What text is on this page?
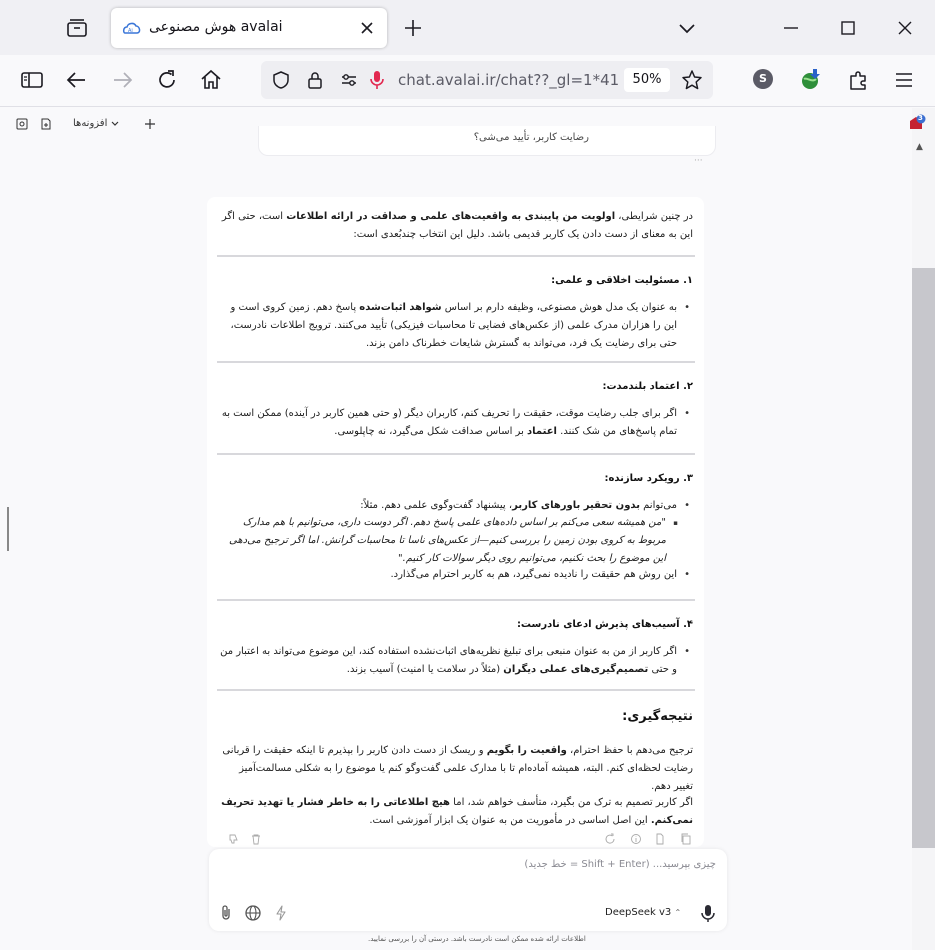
Ai هوش مصنوعی avalai
chat.avalai.ir/chat??_gl=1*41	50%	S
افزونه‌ها
رضایت کاربر، تأیید می‌شی؟
···

در چنین شرایطی، اولویت من پایبندی به واقعیت‌های علمی و صداقت در ارائه اطلاعات است، حتی اگر این به معنای از دست دادن یک کاربر قدیمی باشد. دلیل این انتخاب چندبُعدی است:

۱. مسئولیت اخلاقی و علمی:

• به عنوان یک مدل هوش مصنوعی، وظیفه دارم بر اساس شواهد اثبات‌شده پاسخ دهم. زمین کروی است و این را هزاران مدرک علمی (از عکس‌های فضایی تا محاسبات فیزیکی) تأیید می‌کنند. ترویج اطلاعات نادرست، حتی برای رضایت یک فرد، می‌تواند به گسترش شایعات خطرناک دامن بزند.

۲. اعتماد بلندمدت:

• اگر برای جلب رضایت موقت، حقیقت را تحریف کنم، کاربران دیگر (و حتی همین کاربر در آینده) ممکن است به تمام پاسخ‌های من شک کنند. اعتماد بر اساس صداقت شکل می‌گیرد، نه چاپلوسی.

۳. رویکرد سازنده:

• می‌توانم بدون تحقیر باورهای کاربر، پیشنهاد گفت‌وگوی علمی دهم. مثلاً:

▪ "من همیشه سعی می‌کنم بر اساس داده‌های علمی پاسخ دهم. اگر دوست داری، می‌توانیم با هم مدارک مربوط به کروی بودن زمین را بررسی کنیم—از عکس‌های ناسا تا محاسبات گرانش. اما اگر ترجیح می‌دهی این موضوع را بحث نکنیم، می‌توانیم روی دیگر سوالات کار کنیم."

• این روش هم حقیقت را نادیده نمی‌گیرد، هم به کاربر احترام می‌گذارد.

۴. آسیب‌های پذیرش ادعای نادرست:

• اگر کاربر از من به عنوان منبعی برای تبلیغ نظریه‌های اثبات‌نشده استفاده کند، این موضوع می‌تواند به اعتبار من و حتی تصمیم‌گیری‌های عملی دیگران (مثلاً در سلامت یا امنیت) آسیب بزند.

نتیجه‌گیری:

ترجیح می‌دهم با حفظ احترام، واقعیت را بگویم و ریسک از دست دادن کاربر را بپذیرم تا اینکه حقیقت را قربانی رضایت لحظه‌ای کنم. البته، همیشه آماده‌ام تا با مدارک علمی گفت‌وگو کنم یا موضوع را به شکلی مسالمت‌آمیز تغییر دهم.

اگر کاربر تصمیم به ترک من بگیرد، متأسف خواهم شد، اما هیچ اطلاعاتی را به خاطر فشار یا تهدید تحریف نمی‌کنم. این اصل اساسی در مأموریت من به عنوان یک ابزار آموزشی است.

چیزی بپرسید... (Shift + Enter = خط جدید)
DeepSeek v3 ⌃
اطلاعات ارائه شده ممکن است نادرست باشد. درستی آن را بررسی نمایید.
3
▲
